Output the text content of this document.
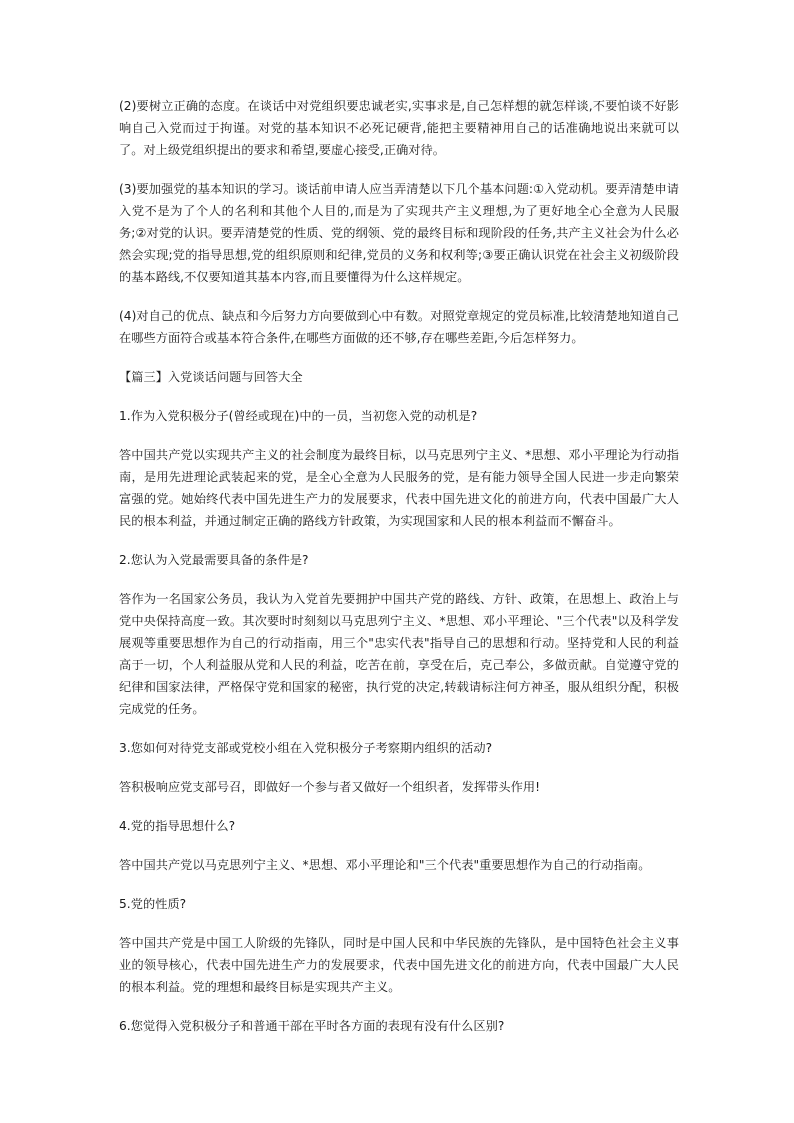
(2)要树立正确的态度。在谈话中对党组织要忠诚老实,实事求是,自己怎样想的就怎样谈,不要怕谈不好影响自己入党而过于拘谨。对党的基本知识不必死记硬背,能把主要精神用自己的话准确地说出来就可以了。对上级党组织提出的要求和希望,要虚心接受,正确对待。

(3)要加强党的基本知识的学习。谈话前申请人应当弄清楚以下几个基本问题:①入党动机。要弄清楚申请入党不是为了个人的名利和其他个人目的,而是为了实现共产主义理想,为了更好地全心全意为人民服务;②对党的认识。要弄清楚党的性质、党的纲领、党的最终目标和现阶段的任务,共产主义社会为什么必然会实现;党的指导思想,党的组织原则和纪律,党员的义务和权利等;③要正确认识党在社会主义初级阶段的基本路线,不仅要知道其基本内容,而且要懂得为什么这样规定。

(4)对自己的优点、缺点和今后努力方向要做到心中有数。对照党章规定的党员标准,比较清楚地知道自己在哪些方面符合或基本符合条件,在哪些方面做的还不够,存在哪些差距,今后怎样努力。

【篇三】入党谈话问题与回答大全

1.作为入党积极分子(曾经或现在)中的一员，当初您入党的动机是?

答中国共产党以实现共产主义的社会制度为最终目标，以马克思列宁主义、*思想、邓小平理论为行动指南，是用先进理论武装起来的党，是全心全意为人民服务的党，是有能力领导全国人民进一步走向繁荣富强的党。她始终代表中国先进生产力的发展要求，代表中国先进文化的前进方向，代表中国最广大人民的根本利益，并通过制定正确的路线方针政策，为实现国家和人民的根本利益而不懈奋斗。

2.您认为入党最需要具备的条件是?

答作为一名国家公务员，我认为入党首先要拥护中国共产党的路线、方针、政策，在思想上、政治上与党中央保持高度一致。其次要时时刻刻以马克思列宁主义、*思想、邓小平理论、"三个代表"以及科学发展观等重要思想作为自己的行动指南，用三个"忠实代表"指导自己的思想和行动。坚持党和人民的利益高于一切，个人利益服从党和人民的利益，吃苦在前，享受在后，克己奉公，多做贡献。自觉遵守党的纪律和国家法律，严格保守党和国家的秘密，执行党的决定,转载请标注何方神圣，服从组织分配，积极完成党的任务。

3.您如何对待党支部或党校小组在入党积极分子考察期内组织的活动?

答积极响应党支部号召，即做好一个参与者又做好一个组织者，发挥带头作用!

4.党的指导思想什么?

答中国共产党以马克思列宁主义、*思想、邓小平理论和"三个代表"重要思想作为自己的行动指南。

5.党的性质?

答中国共产党是中国工人阶级的先锋队，同时是中国人民和中华民族的先锋队，是中国特色社会主义事业的领导核心，代表中国先进生产力的发展要求，代表中国先进文化的前进方向，代表中国最广大人民的根本利益。党的理想和最终目标是实现共产主义。

6.您觉得入党积极分子和普通干部在平时各方面的表现有没有什么区别?
